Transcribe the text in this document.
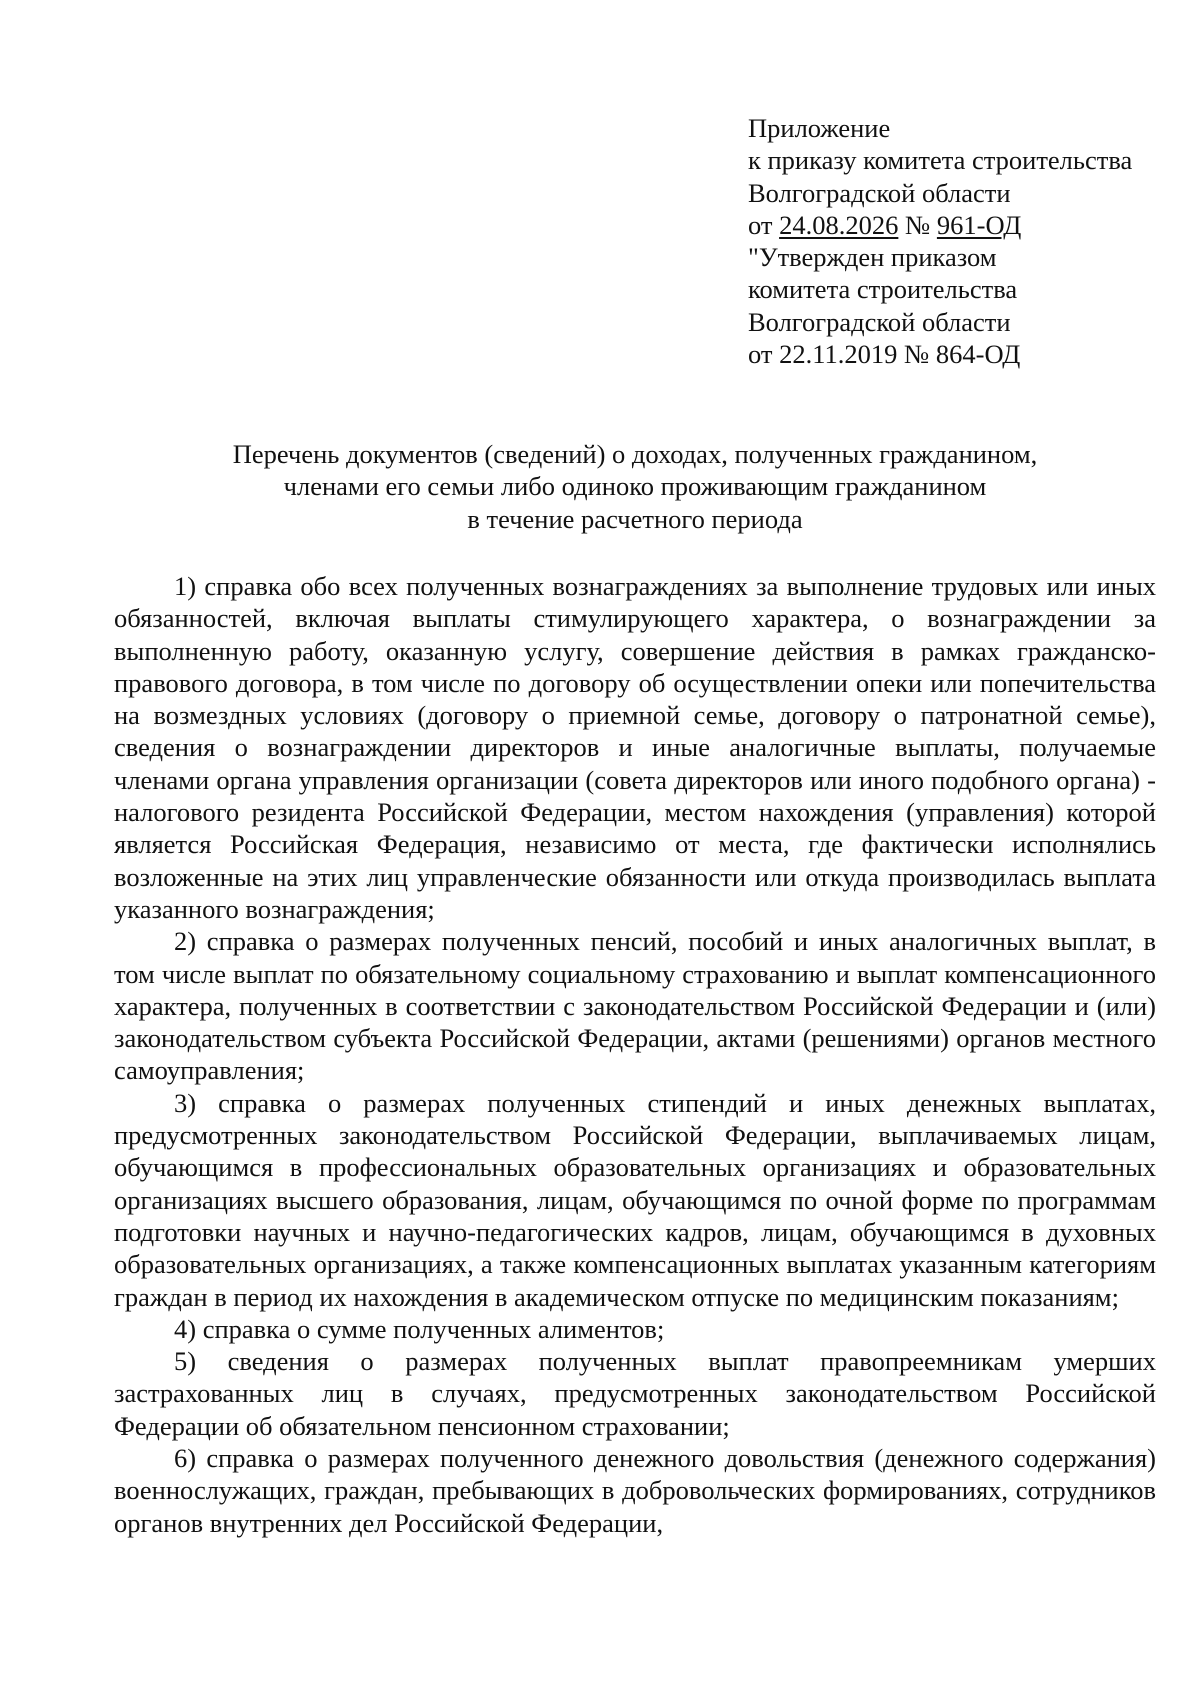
Приложение
к приказу комитета строительства
Волгоградской области
от 24.08.2026 № 961-ОД
"Утвержден приказом
комитета строительства
Волгоградской области
от 22.11.2019 № 864-ОД
Перечень документов (сведений) о доходах, полученных гражданином,
членами его семьи либо одиноко проживающим гражданином
в течение расчетного периода

1) справка обо всех полученных вознаграждениях за выполнение трудовых или иных обязанностей, включая выплаты стимулирующего характера, о вознаграждении за выполненную работу, оказанную услугу, совершение действия в рамках гражданско-правового договора, в том числе по договору об осуществлении опеки или попечительства на возмездных условиях (договору о приемной семье, договору о патронатной семье), сведения о вознаграждении директоров и иные аналогичные выплаты, получаемые членами органа управления организации (совета директоров или иного подобного органа) - налогового резидента Российской Федерации, местом нахождения (управления) которой является Российская Федерация, независимо от места, где фактически исполнялись возложенные на этих лиц управленческие обязанности или откуда производилась выплата указанного вознаграждения;

2) справка о размерах полученных пенсий, пособий и иных аналогичных выплат, в том числе выплат по обязательному социальному страхованию и выплат компенсационного характера, полученных в соответствии с законодательством Российской Федерации и (или) законодательством субъекта Российской Федерации, актами (решениями) органов местного самоуправления;

3) справка о размерах полученных стипендий и иных денежных выплатах, предусмотренных законодательством Российской Федерации, выплачиваемых лицам, обучающимся в профессиональных образовательных организациях и образовательных организациях высшего образования, лицам, обучающимся по очной форме по программам подготовки научных и научно-педагогических кадров, лицам, обучающимся в духовных образовательных организациях, а также компенсационных выплатах указанным категориям граждан в период их нахождения в академическом отпуске по медицинским показаниям;

4) справка о сумме полученных алиментов;

5) сведения о размерах полученных выплат правопреемникам умерших застрахованных лиц в случаях, предусмотренных законодательством Российской Федерации об обязательном пенсионном страховании;

6) справка о размерах полученного денежного довольствия (денежного содержания) военнослужащих, граждан, пребывающих в добровольческих формированиях, сотрудников органов внутренних дел Российской Федерации,
